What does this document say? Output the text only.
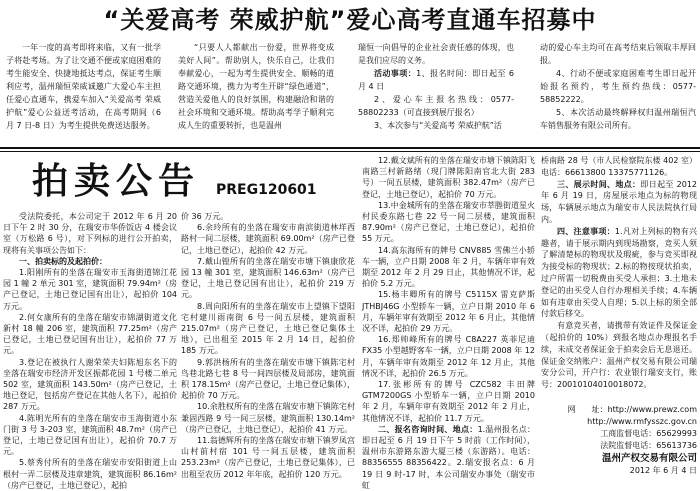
“关爱高考 荣威护航”爱心高考直通车招募中

一年一度的高考即将来临，又有一批学子将赴考场。为了让交通不便或家庭困难的考生能安全、快捷地抵达考点，保证考生顺利应考，温州瑞恒荣威诚邀广大爱心车主担任爱心直通车，携爱车加入“关爱高考 荣威护航”爱心公益送考活动，在高考期间（6 月 7 日-8 日）为考生提供免费送达服务。

“只要人人都献出一份爱，世界将变成美好人间”。帮助别人，快乐自己，让我们奉献爱心，一起为考生提供安全、顺畅的道路交通环境，携力为考生开辟“绿色通道”，营造关爱他人的良好氛围，构建融洽和谐的社会环境和交通环境。帮助高考学子顺利完成人生的重要转折，也是温州

瑞恒一向倡导的企业社会责任感的体现，也是我们应尽的义务。

活动事项：1、报名时间：即日起至 6 月 4 日

2、爱心车主报名热线：0577-58802233（可直接到展厅报名）

3、本次参与“关爱高考 荣威护航”活

动的爱心车主均可在高考结束后领取丰厚回报。

4、行动不便或家庭困难考生即日起开始报名预约，考生预约热线：0577-58852222。

5、本次活动最终解释权归温州瑞恒汽车销售服务有限公司所有。

拍卖公告 PREG120601

受法院委托，本公司定于 2012 年 6 月 20 日下午 2 时 30 分，在瑞安市华侨饭店 4 楼会议室（万松路 6 号），对下列标的进行公开拍卖，现将有关事项公告如下：

一、拍卖标的及起拍价：

1.阳刚所有的坐落在瑞安市玉海街道锦江花园 1 幢 2 单元 301 室，建筑面积 79.94m²（房产已登记，土地已登记国有出让），起拍价 104 万元。

2.何女康所有的坐落在瑞安市锦湖街道文化新村 18 幢 206 室，建筑面积 77.25m²（房产已登记，土地已登记国有出让），起拍价 77 万元。

3.登记在被执行人谢荣荣夫妇陈旭东名下的坐落在瑞安市经济开发区振都花园 1 号楼二单元 502 室，建筑面积 143.50m²（房产已登记，土地已登记，包括房产登记在其他人名下），起拍价 287 万元。

4.陈明光所有的坐落在瑞安市玉海街道小东门街 3 号 3-203 室，建筑面积 48.7m²（房产已登记，土地已登记国有出让），起拍价 70.7 万元。

5.蔡秀付所有的坐落在瑞安市安阳街道上山根村一弄二层楼及违章建筑，建筑面积 86.16m²（房产已登记，土地已登记），起拍

价 36 万元。

6.余玲所有的坐落在瑞安市南滨街道林垟西路村一间二层楼，建筑面积 69.00m²（房产已登记，土地已登记），起拍价 42 万元。

7.戴山镗所有的坐落在瑞安市塘下镇康欣花园 13 幢 301 室，建筑面积 146.63m²（房产已登记，土地已登记国有出让），起拍价 219 万元。

8.周向阳所有的坐落在瑞安市上望镇下望阳宅村建川雨南街 6 号一间五层楼，建筑面积 215.07m²（房产已登记，土地已登记集体土地），已出租至 2015 年 2 月 14 日，起拍价 185 万元。

9.郭洪杨所有的坐落在瑞安市塘下镇陈宅村鸟巷北路七巷 8 号一间四层楼及局部房，建筑面积 178.15m²（房产已登记，土地已登记集体），起拍价 70 万元。

10.余胜权所有的坐落在瑞安市塘下镇陈宅村兼固西路 9 号一间三层楼，建筑面积 130.14m²（房产已登记，土地已登记），起拍价 41 万元。

11.翁德辉所有的坐落在瑞安市塘下镇罗凤宫山村前村宿 101 号一间五层楼，建筑面积 253.23m²（房产已登记，土地已登记集体），已出租至农历 2012 年年底，起拍价 120 万元。

12.戴文斌所有的坐落在瑞安市塘下镇陈阳飞南路三村新路绪（现门牌陈阳南官北大街 283 号）一间五层楼，建筑面积 382.47m²（房产已登记，土地已登记），起拍价 70 万元。

13.中金城所有的坐落在瑞安市莘塍街道星火村民委东路七巷 22 号一间二层楼，建筑面积 87.90m²（房产已登记，土地已登记），起拍价 55 万元。

14.高东海所有的牌号 CNV885 雪佛兰小轿车一辆，立户日期 2008 年 2 月，车辆年审有效期至 2012 年 2 月 29 日止，其他情况不详，起拍价 5.2 万元。

15.杨丰卿所有的牌号 C5115X 雷克萨斯 JTHBJ46G 小型轿车一辆，立户日期 2010 年 6 月，车辆年审有效期至 2012 年 6 月止，其他情况不详，起拍价 29 万元。

16.郑帅峰所有的牌号 C8A227 英菲尼迪 FX35 小型越野客车一辆，立户日期 2008 年 12 月，车辆年审有效期至 2012 年 12 月止，其他情况不详，起拍价 26.5 万元。

17.张彬所有的牌号 CZC582 丰田牌 GTM7200GS 小型轿车一辆，立户日期 2010 年 2 月，车辆年审有效期至 2012 年 2 月止，其他情况不详，起拍价 11.7 万元。

二、报名咨询时间、地点：1.温州报名点：即日起至 6 月 19 日下午 5 时前（工作时间），温州市东游路东游大厦三楼（东游路）。电话：88356555 88356422。2.瑞安报名点：6 月 19 日 9 时-17 时，本公司瑞安办事处（瑞安市虹

桥南路 28 号（市人民检察院东楼 402 室）电话：66613800 13375771126。

三、展示时间、地点：即日起至 2012 年 6 月 19 日，房屋展示地点为标的物现场，车辆展示地点为瑞安市人民法院执行局内。

四、注意事项：1.凡对上列标的物有兴趣者，请于展示期内到现场勘察，竞买人须了解清楚标的物现状及瑕疵，参与竞买即视为接受标的物现状；2.标的物按现状拍卖，过户所需一切税费由买受人承担；3.土地未登记的由买受人自行办理相关手续；4.车辆如有违章由买受人自理；5.以上标的须全部付款后移交。

有意竞买者，请携带有效证件及保证金（起拍价的 10%）到报名地点办理报名手续，未成交者保证金于拍卖会后无息退还。保证金交纳账户：温州产权交易有限公司瑞安分公司，开户行：农业银行瑞安支行，账号：20010104010018072。

网　　址：http://www.prewz.com
http://www.rmfysszc.gov.cn
工商监督电话：65629993
法院监督电话：65613736
温州产权交易有限公司
2012 年 6 月 4 日
